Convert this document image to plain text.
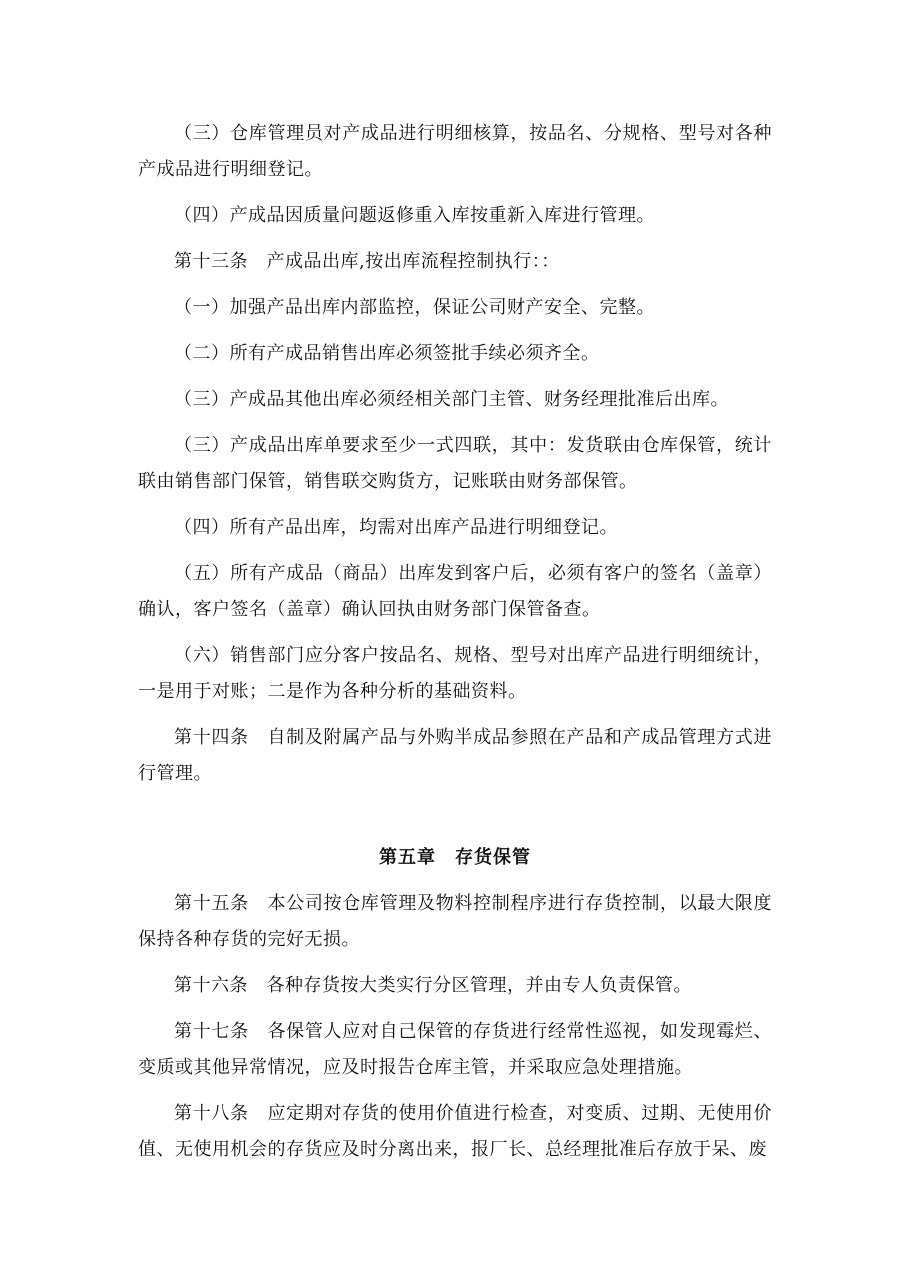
（三）仓库管理员对产成品进行明细核算，按品名、分规格、型号对各种产成品进行明细登记。

（四）产成品因质量问题返修重入库按重新入库进行管理。

第十三条　产成品出库,按出库流程控制执行：：

（一）加强产品出库内部监控，保证公司财产安全、完整。

（二）所有产成品销售出库必须签批手续必须齐全。

（三）产成品其他出库必须经相关部门主管、财务经理批准后出库。

（三）产成品出库单要求至少一式四联，其中：发货联由仓库保管，统计联由销售部门保管，销售联交购货方，记账联由财务部保管。

（四）所有产品出库，均需对出库产品进行明细登记。

（五）所有产成品（商品）出库发到客户后，必须有客户的签名（盖章）确认，客户签名（盖章）确认回执由财务部门保管备查。

（六）销售部门应分客户按品名、规格、型号对出库产品进行明细统计，一是用于对账；二是作为各种分析的基础资料。

第十四条　自制及附属产品与外购半成品参照在产品和产成品管理方式进行管理。

第五章　存货保管

第十五条　本公司按仓库管理及物料控制程序进行存货控制，以最大限度保持各种存货的完好无损。

第十六条　各种存货按大类实行分区管理，并由专人负责保管。

第十七条　各保管人应对自己保管的存货进行经常性巡视，如发现霉烂、变质或其他异常情况，应及时报告仓库主管，并采取应急处理措施。

第十八条　应定期对存货的使用价值进行检查，对变质、过期、无使用价值、无使用机会的存货应及时分离出来，报厂长、总经理批准后存放于呆、废
